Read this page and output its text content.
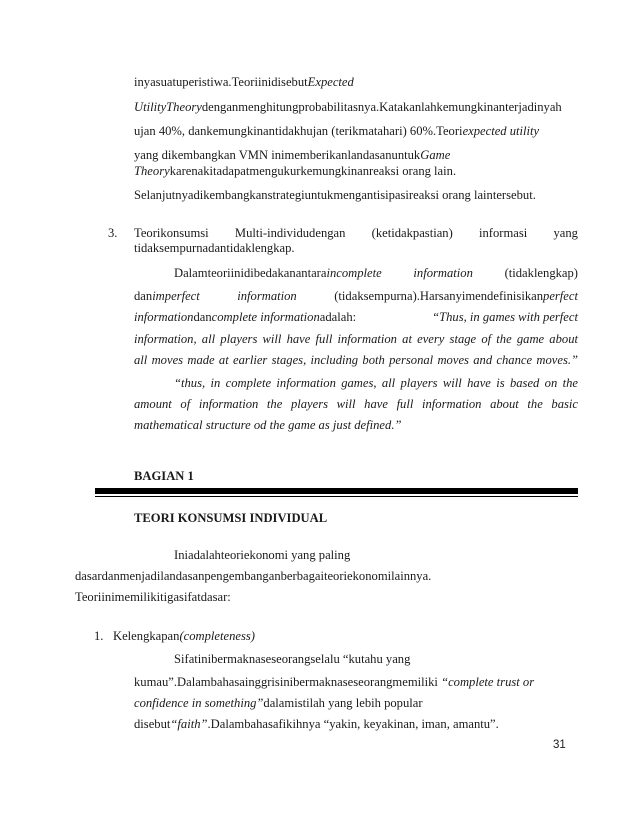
inyasuatuperistiwa.TeoriinidisebutExpected
UtilityTheorydenganmenghitungprobabilitasnya.Katakanlahkemungkinanterjadinyah
ujan 40%, dankemungkinantidakhujan (terikmatahari) 60%.Teoriexpected utility
yang dikembangkan VMN inimemberikanlandasanuntukGame
Theorykarenakitadapatmengukurkemungkinanreaksi orang lain.
Selanjutnyadikembangkanstrategiuntukmengantisipasireaksi orang laintersebut.
3. Teorikonsumsi Multi-individudengan (ketidakpastian) informasi yang
tidaksempurnadantidaklengkap.
Dalamteoriinidibedakanantaraincomplete	information	(tidaklengkap)
danimperfect	information	(tidaksempurna).Harsanyimendefinisikanperfect
informationdancomplete informationadalah:	“Thus, in games with perfect
information, all players will have full information at every stage of the game about
all moves made at earlier stages, including both personal moves and chance moves.”
“thus, in complete information games, all players will have is based on the
amount of information the players will have full information about the basic
mathematical structure od the game as just defined.”
BAGIAN 1
TEORI KONSUMSI INDIVIDUAL
Iniadalahteoriekonomi yang paling
dasardanmenjadilandasanpengembanganberbagaiteoriekonomilainnya.
Teoriinimemilikitigasifatdasar:
1. Kelengkapan(completeness)
Sifatinibermaknaseseorangselalu “kutahu yang
kumau”.Dalambahasainggrisinibermaknaseseorangmemiliki “complete trust or
confidence in something”dalamistilah yang lebih popular
disebut“faith”.Dalambahasafikihnya “yakin, keyakinan, iman, amantu”.
31
